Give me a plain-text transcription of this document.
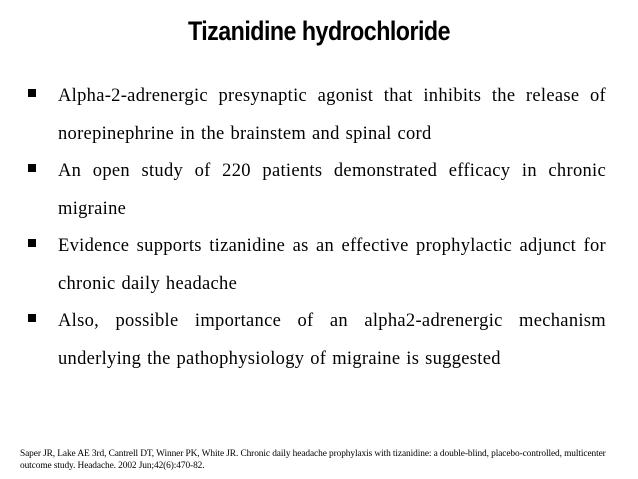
Tizanidine hydrochloride
Alpha-2-adrenergic presynaptic agonist that inhibits the release of norepinephrine in the brainstem and spinal cord
An open study of 220 patients demonstrated efficacy in chronic migraine
Evidence supports tizanidine as an effective prophylactic adjunct for chronic daily headache
Also, possible importance of an alpha2-adrenergic mechanism underlying the pathophysiology of migraine is suggested
Saper JR, Lake AE 3rd, Cantrell DT, Winner PK, White JR. Chronic daily headache prophylaxis with tizanidine: a double-blind, placebo-controlled, multicenter outcome study. Headache. 2002 Jun;42(6):470-82.
